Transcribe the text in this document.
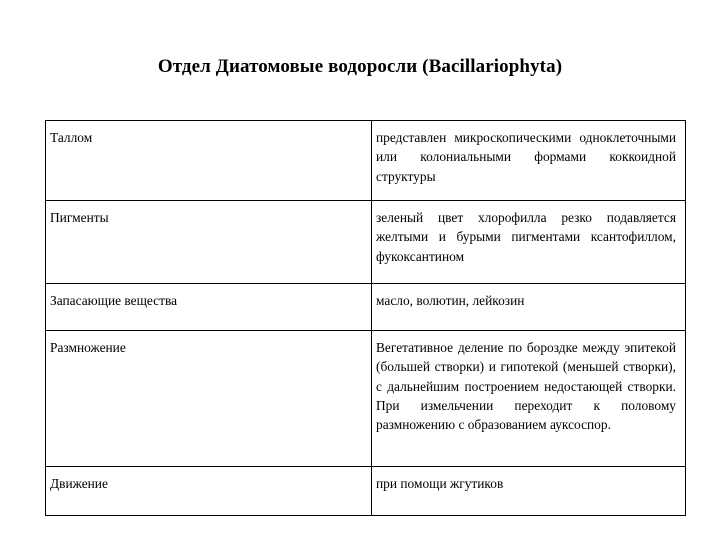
Отдел Диатомовые водоросли (Bacillariophyta)
Таллом	представлен микроскопическими одноклеточными или колониальными формами коккоидной структуры
Пигменты	зеленый цвет хлорофилла резко подавляется желтыми и бурыми пигментами ксантофиллом, фукоксантином
Запасающие вещества	масло, волютин, лейкозин
Размножение	Вегетативное деление по бороздке между эпитекой (большей створки) и гипотекой (меньшей створки), с дальнейшим построением недостающей створки. При измельчении переходит к половому размножению с образованием ауксоспор.
Движение	при помощи жгутиков
